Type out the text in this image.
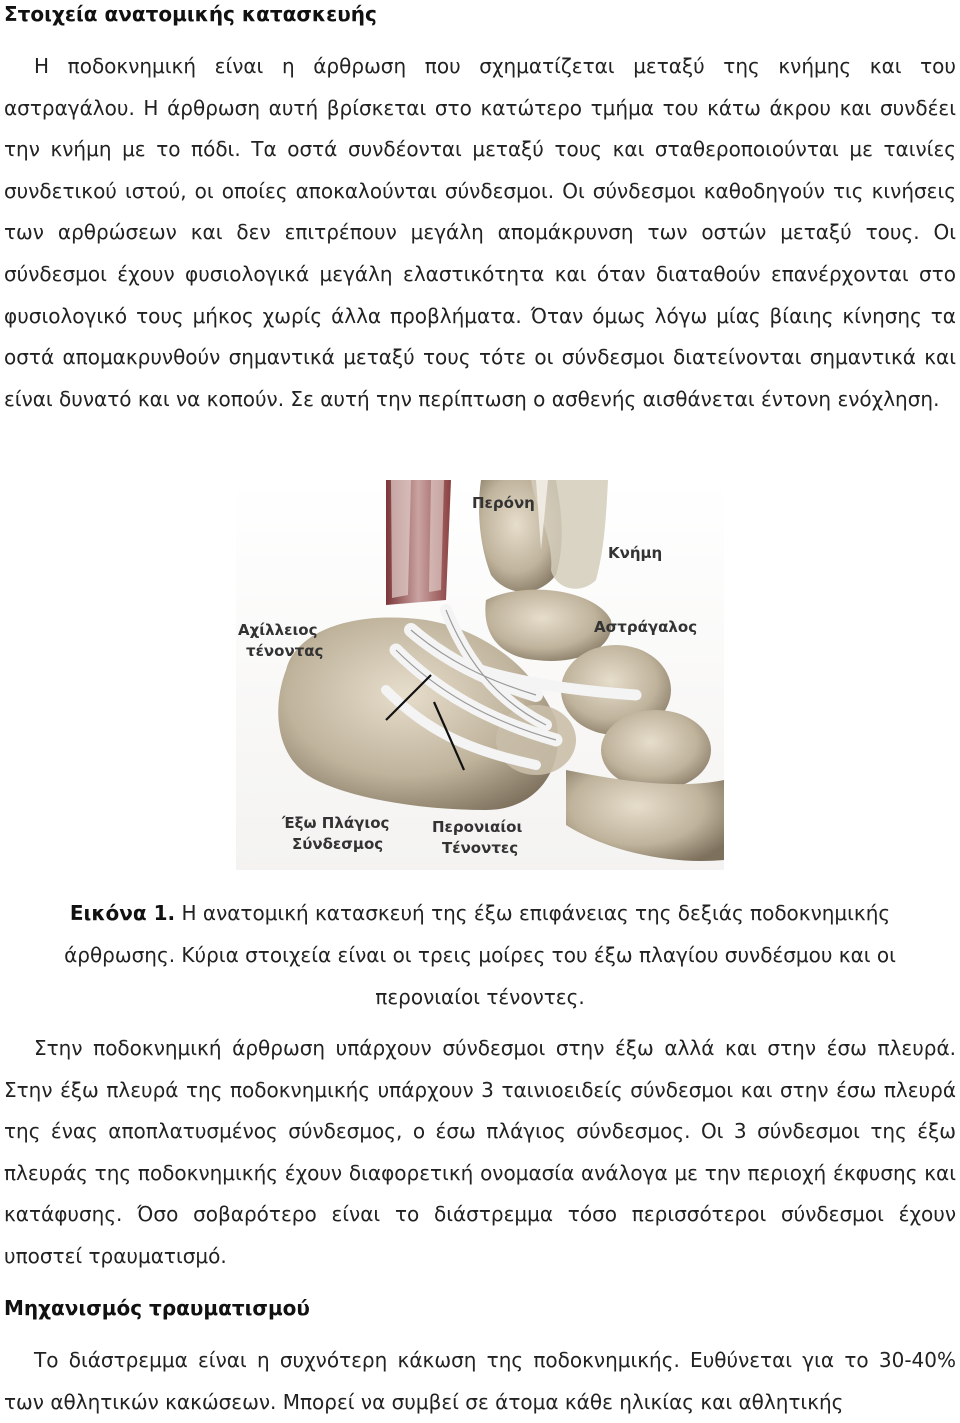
Στοιχεία ανατομικής κατασκευής

Η ποδοκνημική είναι η άρθρωση που σχηματίζεται μεταξύ της κνήμης και του αστραγάλου. Η άρθρωση αυτή βρίσκεται στο κατώτερο τμήμα του κάτω άκρου και συνδέει την κνήμη με το πόδι. Τα οστά συνδέονται μεταξύ τους και σταθεροποιούνται με ταινίες συνδετικού ιστού, οι οποίες αποκαλούνται σύνδεσμοι. Οι σύνδεσμοι καθοδηγούν τις κινήσεις των αρθρώσεων και δεν επιτρέπουν μεγάλη απομάκρυνση των οστών μεταξύ τους. Οι σύνδεσμοι έχουν φυσιολογικά μεγάλη ελαστικότητα και όταν διαταθούν επανέρχονται στο φυσιολογικό τους μήκος χωρίς άλλα προβλήματα. Όταν όμως λόγω μίας βίαιης κίνησης τα οστά απομακρυνθούν σημαντικά μεταξύ τους τότε οι σύνδεσμοι διατείνονται σημαντικά και είναι δυνατό και να κοπούν. Σε αυτή την περίπτωση ο ασθενής αισθάνεται έντονη ενόχληση.

Περόνη
Κνήμη
Αστράγαλος
Αχίλλειος
τένοντας
Έξω Πλάγιος
Σύνδεσμος
Περονιαίοι
Τένοντες

Εικόνα 1. Η ανατομική κατασκευή της έξω επιφάνειας της δεξιάς ποδοκνημικής άρθρωσης. Κύρια στοιχεία είναι οι τρεις μοίρες του έξω πλαγίου συνδέσμου και οι περονιαίοι τένοντες.

Στην ποδοκνημική άρθρωση υπάρχουν σύνδεσμοι στην έξω αλλά και στην έσω πλευρά. Στην έξω πλευρά της ποδοκνημικής υπάρχουν 3 ταινιοειδείς σύνδεσμοι και στην έσω πλευρά της ένας αποπλατυσμένος σύνδεσμος, ο έσω πλάγιος σύνδεσμος. Οι 3 σύνδεσμοι της έξω πλευράς της ποδοκνημικής έχουν διαφορετική ονομασία ανάλογα με την περιοχή έκφυσης και κατάφυσης. Όσο σοβαρότερο είναι το διάστρεμμα τόσο περισσότεροι σύνδεσμοι έχουν υποστεί τραυματισμό.

Μηχανισμός τραυματισμού

Το διάστρεμμα είναι η συχνότερη κάκωση της ποδοκνημικής. Ευθύνεται για το 30-40% των αθλητικών κακώσεων. Μπορεί να συμβεί σε άτομα κάθε ηλικίας και αθλητικής
